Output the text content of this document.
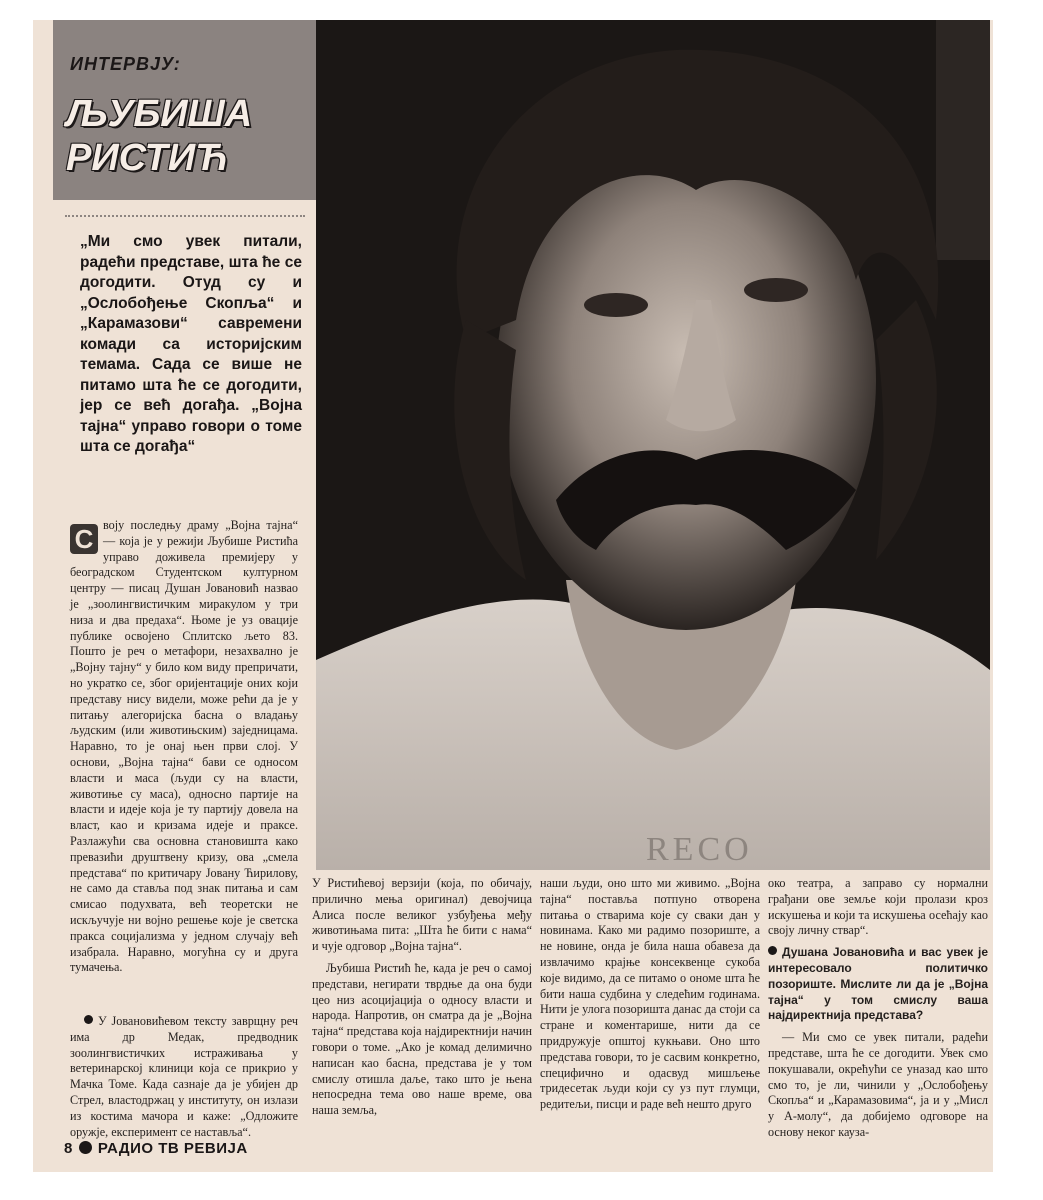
ИНТЕРВЈУ:
ЉУБИША
РИСТИЋ
RECO

„Ми смо увек питали, радећи представе, шта ће се догодити. Отуд су и „Ослобођење Скопља“ и „Карамазови“ савремени комади са историјским темама. Сада се више не питамо шта ће се догодити, јер се већ догађа. „Војна тајна“ управо говори о томе шта се догађа“

С војy последњу драму „Војна тајна“ — која је у режији Љубише Ристића управо доживела премијеру у београдском Студентском културном центру — писац Душан Јовановић назвао је „зоолингвистичким миракулом у три низа и два предаха“. Њоме је уз овације публике освојено Сплитско љето 83. Пошто је реч о метафори, незахвално је „Војну тајну“ у било ком виду препричати, но укратко се, због оријентације оних који представу нису видели, може рећи да је у питању алегоријска басна о владању људским (или животињским) заједницама. Наравно, то је онај њен први слој. У основи, „Војна тајна“ бави се односом власти и маса (људи су на власти, животиње су маса), односно партије на власти и идеје која је ту партију довела на власт, као и кризама идеје и праксе. Разлажући сва основна становишта како превазићи друштвену кризу, ова „смела представа“ по критичару Јовану Ћирилову, не само да ставља под знак питања и сам смисао подухвата, већ теоретски не искључује ни војно решење које је светска пракса социјализма у једном случају већ изабрала. Наравно, могућна су и друга тумачења.

У Јовановићевом тексту заврщну реч има др Медак, предводник зоолингвистичких истраживања у ветеринарској клиници која се прикрио у Мачка Томе. Када сазнаје да је убијен др Стрел, властодржац у институту, он излази из костима мачора и каже: „Одложите оружје, експеримент се наставља“.

У Ристићевој верзији (која, по обичају, прилично мења оригинал) девојчица Алиса после великог узбуђења међу животињама пита: „Шта ће бити с нама“ и чује одговор „Војна тајна“.

Љубиша Ристић ће, када је реч о самој представи, негирати тврдње да она буди цео низ асоцијација о односу власти и народа. Напротив, он сматра да је „Војна тајна“ представа која најдиректнији начин говори о томе. „Ако је комад делимично написан као басна, представа је у том смислу отишла даље, тако што је њена непосредна тема ово наше време, ова наша земља,

наши људи, оно што ми живимо. „Војна тајна“ поставља потпуно отворена питања о стварима које су сваки дан у новинама. Како ми радимо позориште, а не новине, онда је била наша обавеза да извлачимо крајње консеквенце сукоба које видимо, да се питамо о ономе шта ће бити наша судбина у следећим годинама. Нити је улога позоришта данас да стоји са стране и коментарише, нити да се придружује општој кукњави. Оно што представа говори, то је сасвим конкретно, специфично и одасвуд мишљење тридесетак људи који су уз пут глумци, редитељи, писци и раде већ нешто друго

око театра, а заправо су нормални грађани ове земље који пролази кроз искушења и који та искушења осећају као своју личну ствар“.

Душана Јовановића и вас увек је интересовало политичко позориште. Мислите ли да је „Војна тајна“ у том смислу ваша најдиректнија представа?

— Ми смо се увек питали, радећи представе, шта ће се догодити. Увек смо покушавали, окрећући се уназад као што смо то, је ли, чинили у „Ослобођењу Скопља“ и „Карамазовима“, ја и у „Мисл у А-молу“, да добијемо одговоре на основу неког кауза-

8 РАДИО ТВ РЕВИЈА
